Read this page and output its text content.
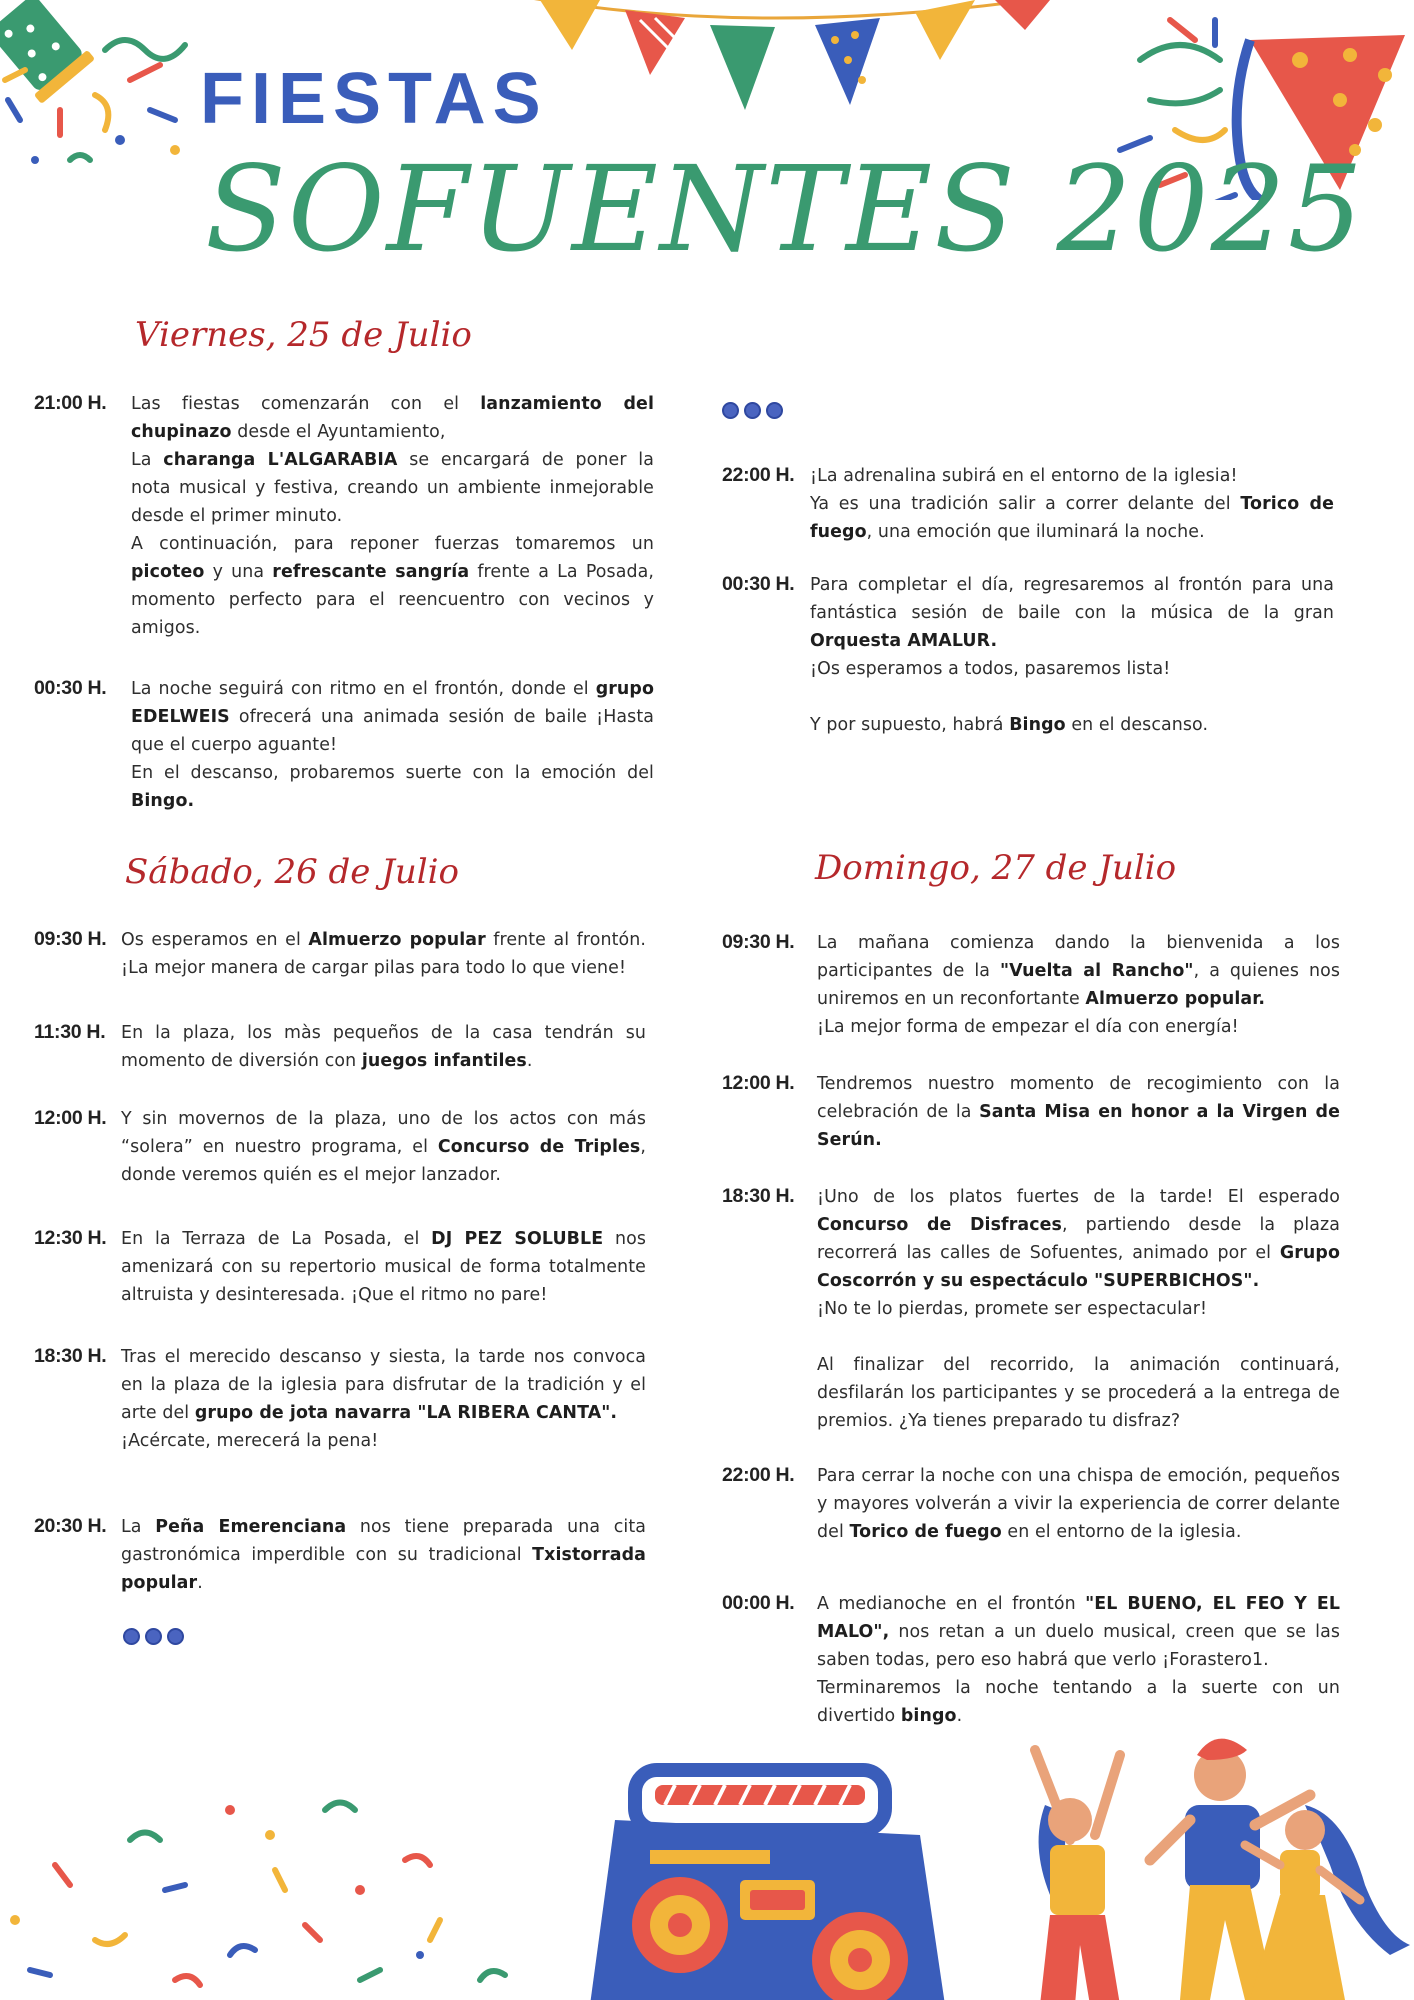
FIESTAS
SOFUENTES 2025
Viernes, 25 de Julio
21:00 H. Las fiestas comenzarán con el lanzamiento del chupinazo desde el Ayuntamiento,

La charanga L'ALGARABIA se encargará de poner la nota musical y festiva, creando un ambiente inmejorable desde el primer minuto.

A continuación, para reponer fuerzas tomaremos un picoteo y una refrescante sangría frente a La Posada, momento perfecto para el reencuentro con vecinos y amigos.

00:30 H. La noche seguirá con ritmo en el frontón, donde el grupo EDELWEIS ofrecerá una animada sesión de baile ¡Hasta que el cuerpo aguante!

En el descanso, probaremos suerte con la emoción del Bingo.

22:00 H. ¡La adrenalina subirá en el entorno de la iglesia!

Ya es una tradición salir a correr delante del Torico de fuego, una emoción que iluminará la noche.

00:30 H. Para completar el día, regresaremos al frontón para una fantástica sesión de baile con la música de la gran Orquesta AMALUR.

¡Os esperamos a todos, pasaremos lista!

Y por supuesto, habrá Bingo en el descanso.

Sábado, 26 de Julio
09:30 H. Os esperamos en el Almuerzo popular frente al frontón. ¡La mejor manera de cargar pilas para todo lo que viene!

11:30 H. En la plaza, los màs pequeños de la casa tendrán su momento de diversión con juegos infantiles.

12:00 H. Y sin movernos de la plaza, uno de los actos con más “solera” en nuestro programa, el Concurso de Triples, donde veremos quién es el mejor lanzador.

12:30 H. En la Terraza de La Posada, el DJ PEZ SOLUBLE nos amenizará con su repertorio musical de forma totalmente altruista y desinteresada. ¡Que el ritmo no pare!

18:30 H. Tras el merecido descanso y siesta, la tarde nos convoca en la plaza de la iglesia para disfrutar de la tradición y el arte del grupo de jota navarra "LA RIBERA CANTA".

¡Acércate, merecerá la pena!

20:30 H. La Peña Emerenciana nos tiene preparada una cita gastronómica imperdible con su tradicional Txistorrada popular.

Domingo, 27 de Julio
09:30 H. La mañana comienza dando la bienvenida a los participantes de la "Vuelta al Rancho", a quienes nos uniremos en un reconfortante Almuerzo popular.

¡La mejor forma de empezar el día con energía!

12:00 H. Tendremos nuestro momento de recogimiento con la celebración de la Santa Misa en honor a la Virgen de Serún.

18:30 H. ¡Uno de los platos fuertes de la tarde! El esperado Concurso de Disfraces, partiendo desde la plaza recorrerá las calles de Sofuentes, animado por el Grupo Coscorrón y su espectáculo "SUPERBICHOS".

¡No te lo pierdas, promete ser espectacular!

Al finalizar del recorrido, la animación continuará, desfilarán los participantes y se procederá a la entrega de premios. ¿Ya tienes preparado tu disfraz?

22:00 H. Para cerrar la noche con una chispa de emoción, pequeños y mayores volverán a vivir la experiencia de correr delante del Torico de fuego en el entorno de la iglesia.

00:00 H. A medianoche en el frontón "EL BUENO, EL FEO Y EL MALO", nos retan a un duelo musical, creen que se las saben todas, pero eso habrá que verlo ¡Forastero1.

Terminaremos la noche tentando a la suerte con un divertido bingo.
